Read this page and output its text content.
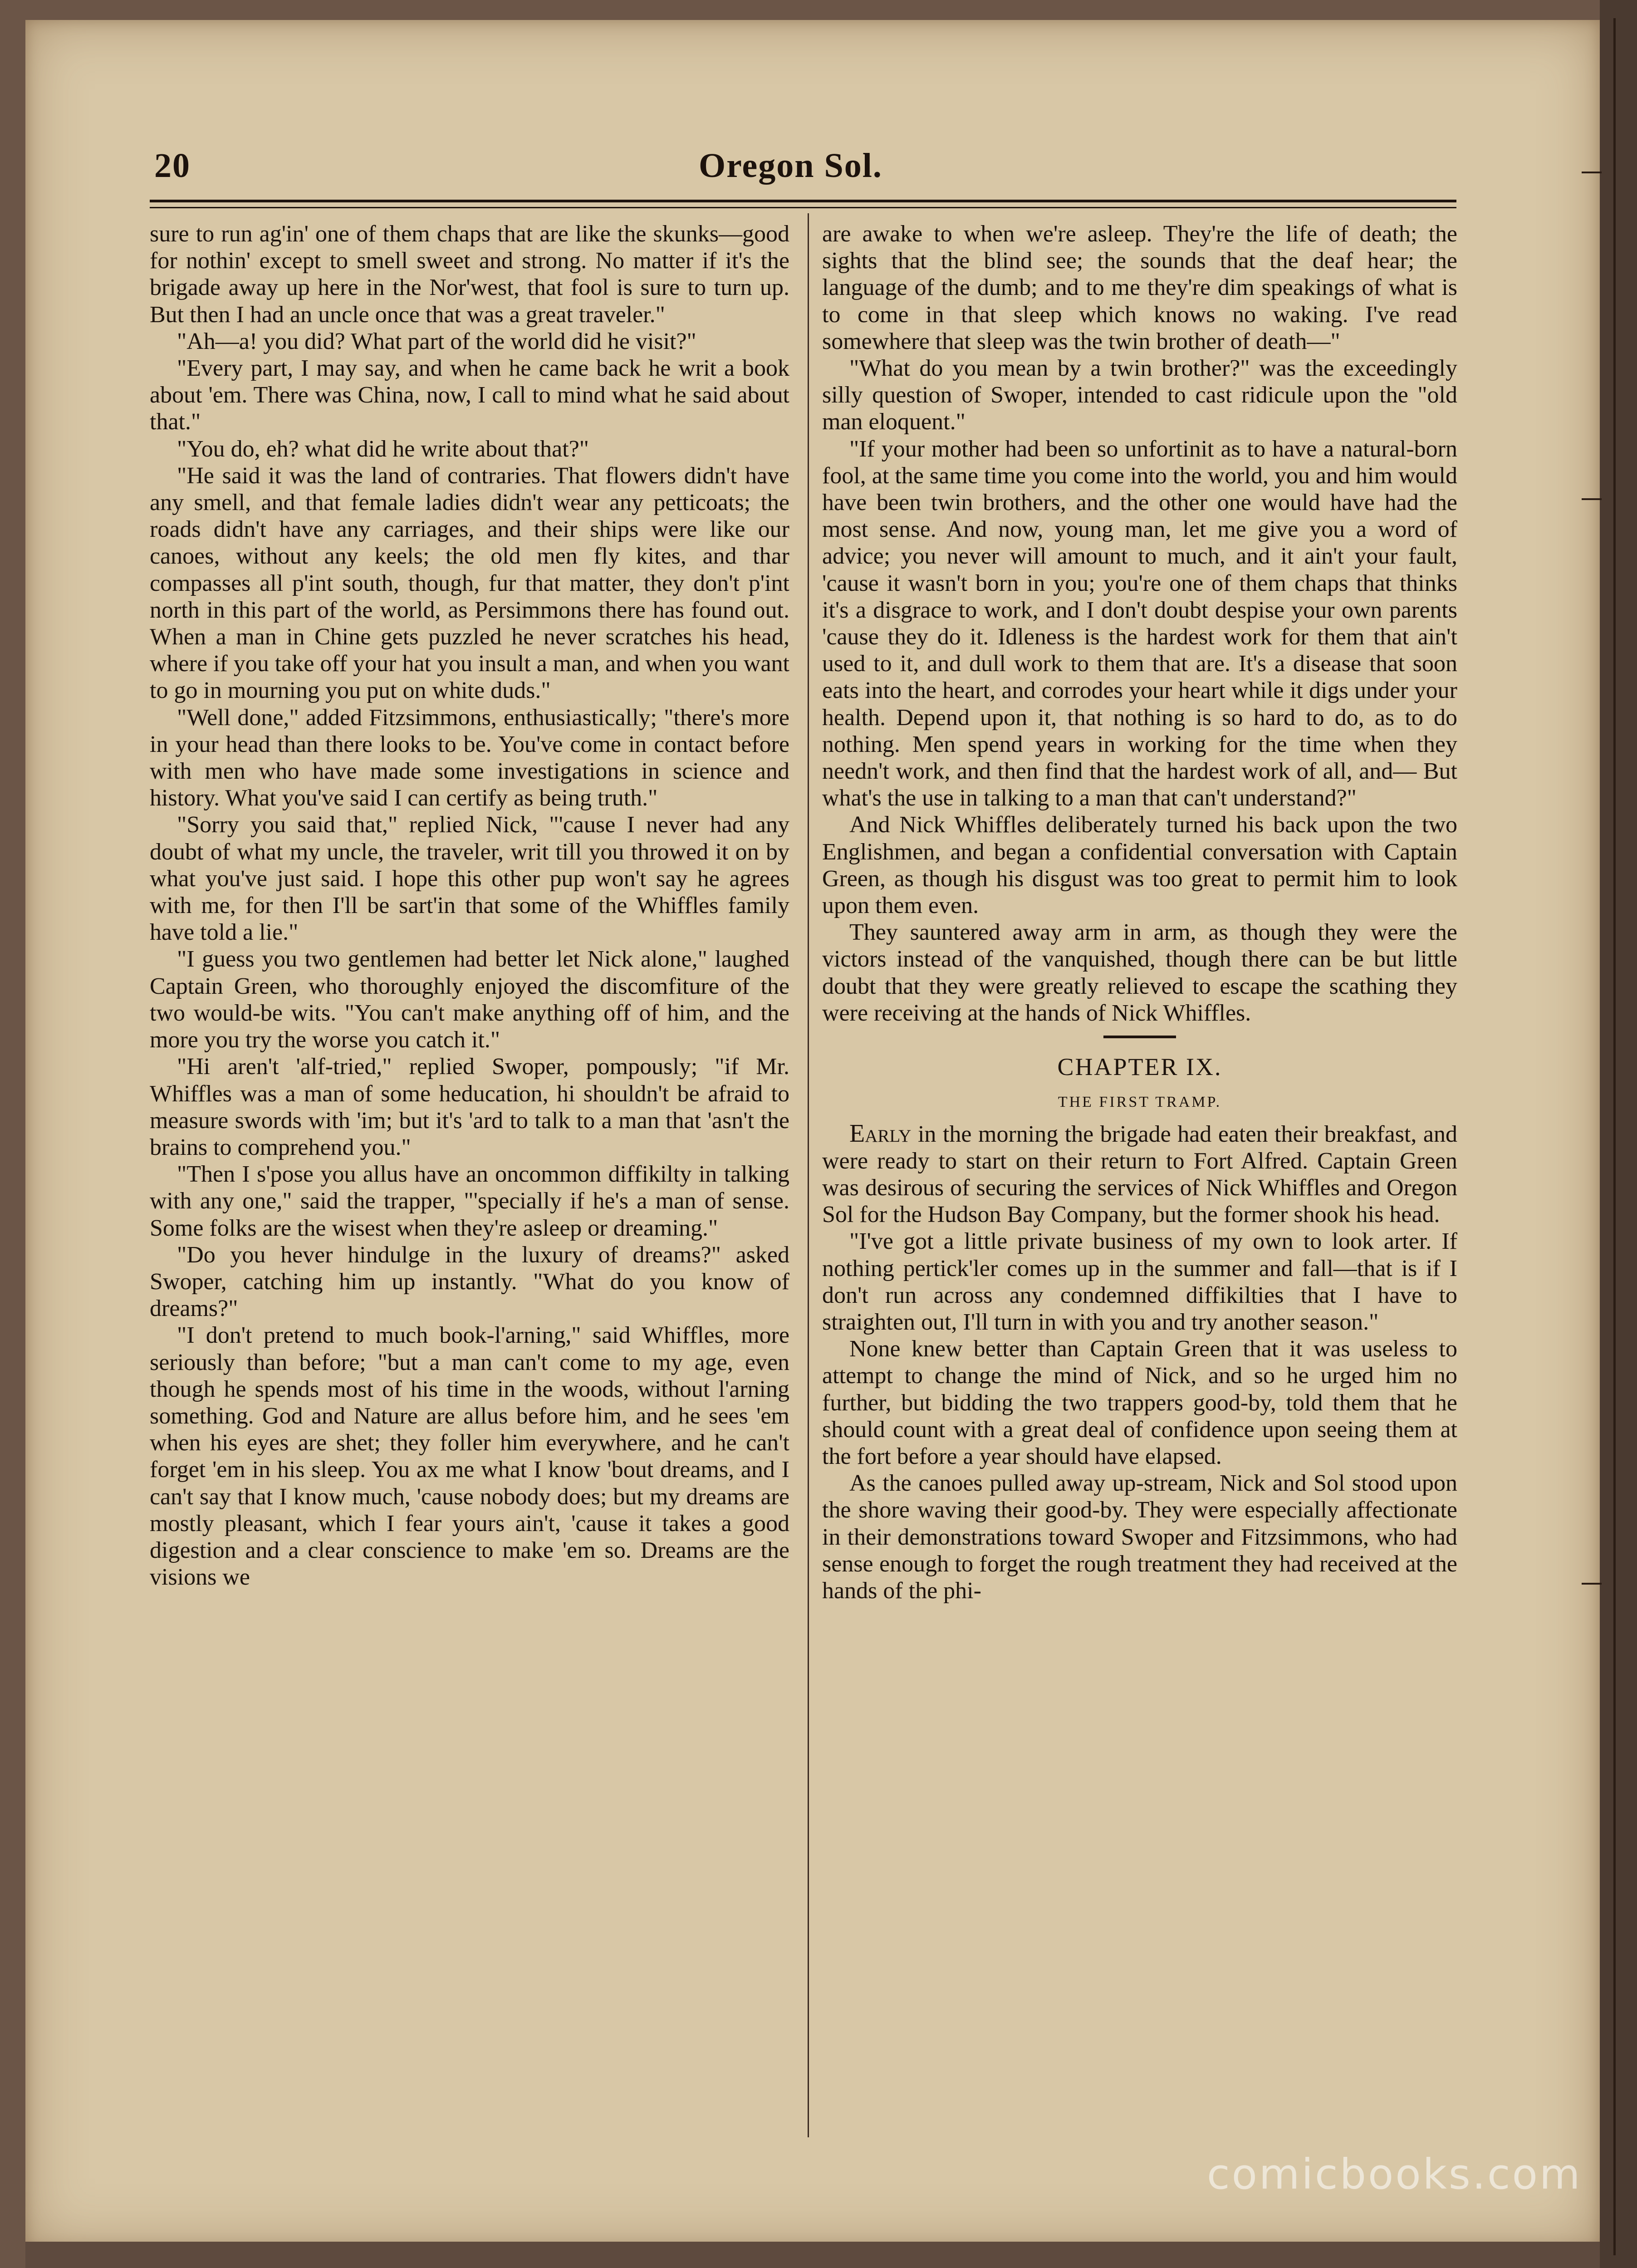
20	Oregon Sol.

sure to run ag'in' one of them chaps that are like the skunks—good for nothin' except to smell sweet and strong. No matter if it's the brigade away up here in the Nor'west, that fool is sure to turn up. But then I had an uncle once that was a great traveler."

"Ah—a! you did? What part of the world did he visit?"

"Every part, I may say, and when he came back he writ a book about 'em. There was China, now, I call to mind what he said about that."

"You do, eh? what did he write about that?"

"He said it was the land of contraries. That flowers didn't have any smell, and that female ladies didn't wear any petticoats; the roads didn't have any carriages, and their ships were like our canoes, without any keels; the old men fly kites, and thar compasses all p'int south, though, fur that matter, they don't p'int north in this part of the world, as Persimmons there has found out. When a man in Chine gets puzzled he never scratches his head, where if you take off your hat you insult a man, and when you want to go in mourning you put on white duds."

"Well done," added Fitzsimmons, enthusiastically; "there's more in your head than there looks to be. You've come in contact before with men who have made some investigations in science and history. What you've said I can certify as being truth."

"Sorry you said that," replied Nick, "'cause I never had any doubt of what my uncle, the traveler, writ till you throwed it on by what you've just said. I hope this other pup won't say he agrees with me, for then I'll be sart'in that some of the Whiffles family have told a lie."

"I guess you two gentlemen had better let Nick alone," laughed Captain Green, who thoroughly enjoyed the discomfiture of the two would-be wits. "You can't make anything off of him, and the more you try the worse you catch it."

"Hi aren't 'alf-tried," replied Swoper, pompously; "if Mr. Whiffles was a man of some heducation, hi shouldn't be afraid to measure swords with 'im; but it's 'ard to talk to a man that 'asn't the brains to comprehend you."

"Then I s'pose you allus have an oncommon diffikilty in talking with any one," said the trapper, "'specially if he's a man of sense. Some folks are the wisest when they're asleep or dreaming."

"Do you hever hindulge in the luxury of dreams?" asked Swoper, catching him up instantly. "What do you know of dreams?"

"I don't pretend to much book-l'arning," said Whiffles, more seriously than before; "but a man can't come to my age, even though he spends most of his time in the woods, without l'arning something. God and Nature are allus before him, and he sees 'em when his eyes are shet; they foller him everywhere, and he can't forget 'em in his sleep. You ax me what I know 'bout dreams, and I can't say that I know much, 'cause nobody does; but my dreams are mostly pleasant, which I fear yours ain't, 'cause it takes a good digestion and a clear conscience to make 'em so. Dreams are the visions we

are awake to when we're asleep. They're the life of death; the sights that the blind see; the sounds that the deaf hear; the language of the dumb; and to me they're dim speakings of what is to come in that sleep which knows no waking. I've read somewhere that sleep was the twin brother of death—"

"What do you mean by a twin brother?" was the exceedingly silly question of Swoper, intended to cast ridicule upon the "old man eloquent."

"If your mother had been so unfortinit as to have a natural-born fool, at the same time you come into the world, you and him would have been twin brothers, and the other one would have had the most sense. And now, young man, let me give you a word of advice; you never will amount to much, and it ain't your fault, 'cause it wasn't born in you; you're one of them chaps that thinks it's a disgrace to work, and I don't doubt despise your own parents 'cause they do it. Idleness is the hardest work for them that ain't used to it, and dull work to them that are. It's a disease that soon eats into the heart, and corrodes your heart while it digs under your health. Depend upon it, that nothing is so hard to do, as to do nothing. Men spend years in working for the time when they needn't work, and then find that the hardest work of all, and— But what's the use in talking to a man that can't understand?"

And Nick Whiffles deliberately turned his back upon the two Englishmen, and began a confidential conversation with Captain Green, as though his disgust was too great to permit him to look upon them even.

They sauntered away arm in arm, as though they were the victors instead of the vanquished, though there can be but little doubt that they were greatly relieved to escape the scathing they were receiving at the hands of Nick Whiffles.

CHAPTER IX.
THE FIRST TRAMP.

Early in the morning the brigade had eaten their breakfast, and were ready to start on their return to Fort Alfred. Captain Green was desirous of securing the services of Nick Whiffles and Oregon Sol for the Hudson Bay Company, but the former shook his head.

"I've got a little private business of my own to look arter. If nothing pertick'ler comes up in the summer and fall—that is if I don't run across any condemned diffikilties that I have to straighten out, I'll turn in with you and try another season."

None knew better than Captain Green that it was useless to attempt to change the mind of Nick, and so he urged him no further, but bidding the two trappers good-by, told them that he should count with a great deal of confidence upon seeing them at the fort before a year should have elapsed.

As the canoes pulled away up-stream, Nick and Sol stood upon the shore waving their good-by. They were especially affectionate in their demonstrations toward Swoper and Fitzsimmons, who had sense enough to forget the rough treatment they had received at the hands of the phi-

comicbooks.com
